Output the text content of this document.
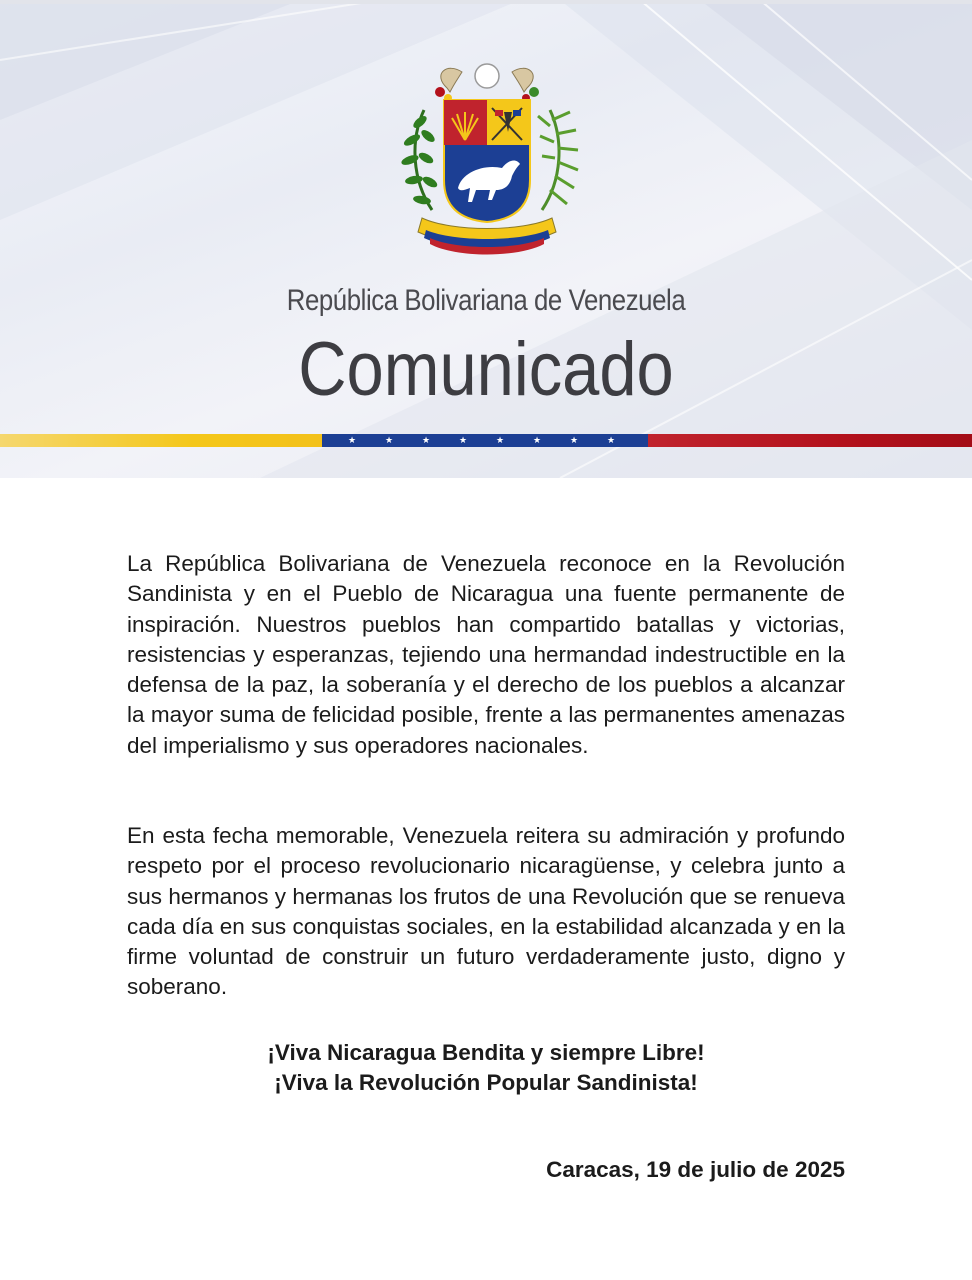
República Bolivariana de Venezuela
Comunicado
★	★	★	★	★	★	★	★

La República Bolivariana de Venezuela reconoce en la Revolución Sandinista y en el Pueblo de Nicaragua una fuente permanente de inspiración. Nuestros pueblos han compartido batallas y victorias, resistencias y esperanzas, tejiendo una hermandad indestructible en la defensa de la paz, la soberanía y el derecho de los pueblos a alcanzar la mayor suma de felicidad posible, frente a las permanentes amenazas del imperialismo y sus operadores nacionales.

En esta fecha memorable, Venezuela reitera su admiración y profundo respeto por el proceso revolucionario nicaragüense, y celebra junto a sus hermanos y hermanas los frutos de una Revolución que se renueva cada día en sus conquistas sociales, en la estabilidad alcanzada y en la firme voluntad de construir un futuro verdaderamente justo, digno y soberano.

¡Viva Nicaragua Bendita y siempre Libre!
¡Viva la Revolución Popular Sandinista!
Caracas, 19 de julio de 2025
